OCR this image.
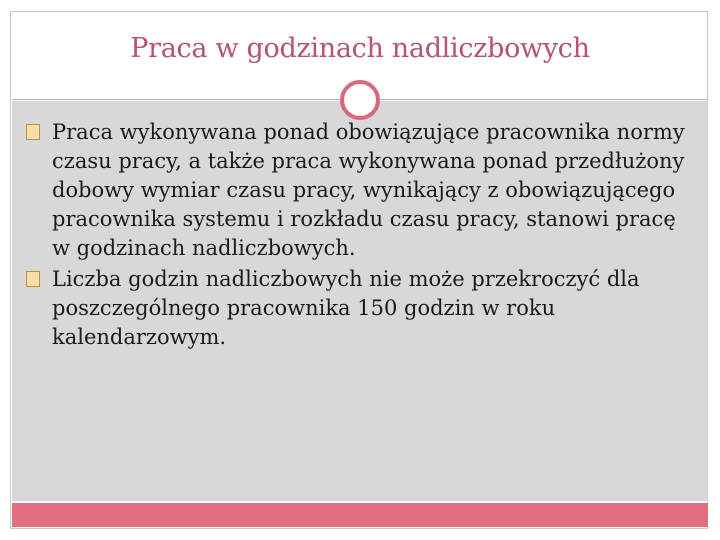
Praca w godzinach nadliczbowych
Praca wykonywana ponad obowiązujące pracownika normy czasu pracy, a także praca wykonywana ponad przedłużony dobowy wymiar czasu pracy, wynikający z obowiązującego pracownika systemu i rozkładu czasu pracy, stanowi pracę w godzinach nadliczbowych.
Liczba godzin nadliczbowych nie może przekroczyć dla poszczególnego pracownika 150 godzin w roku kalendarzowym.
